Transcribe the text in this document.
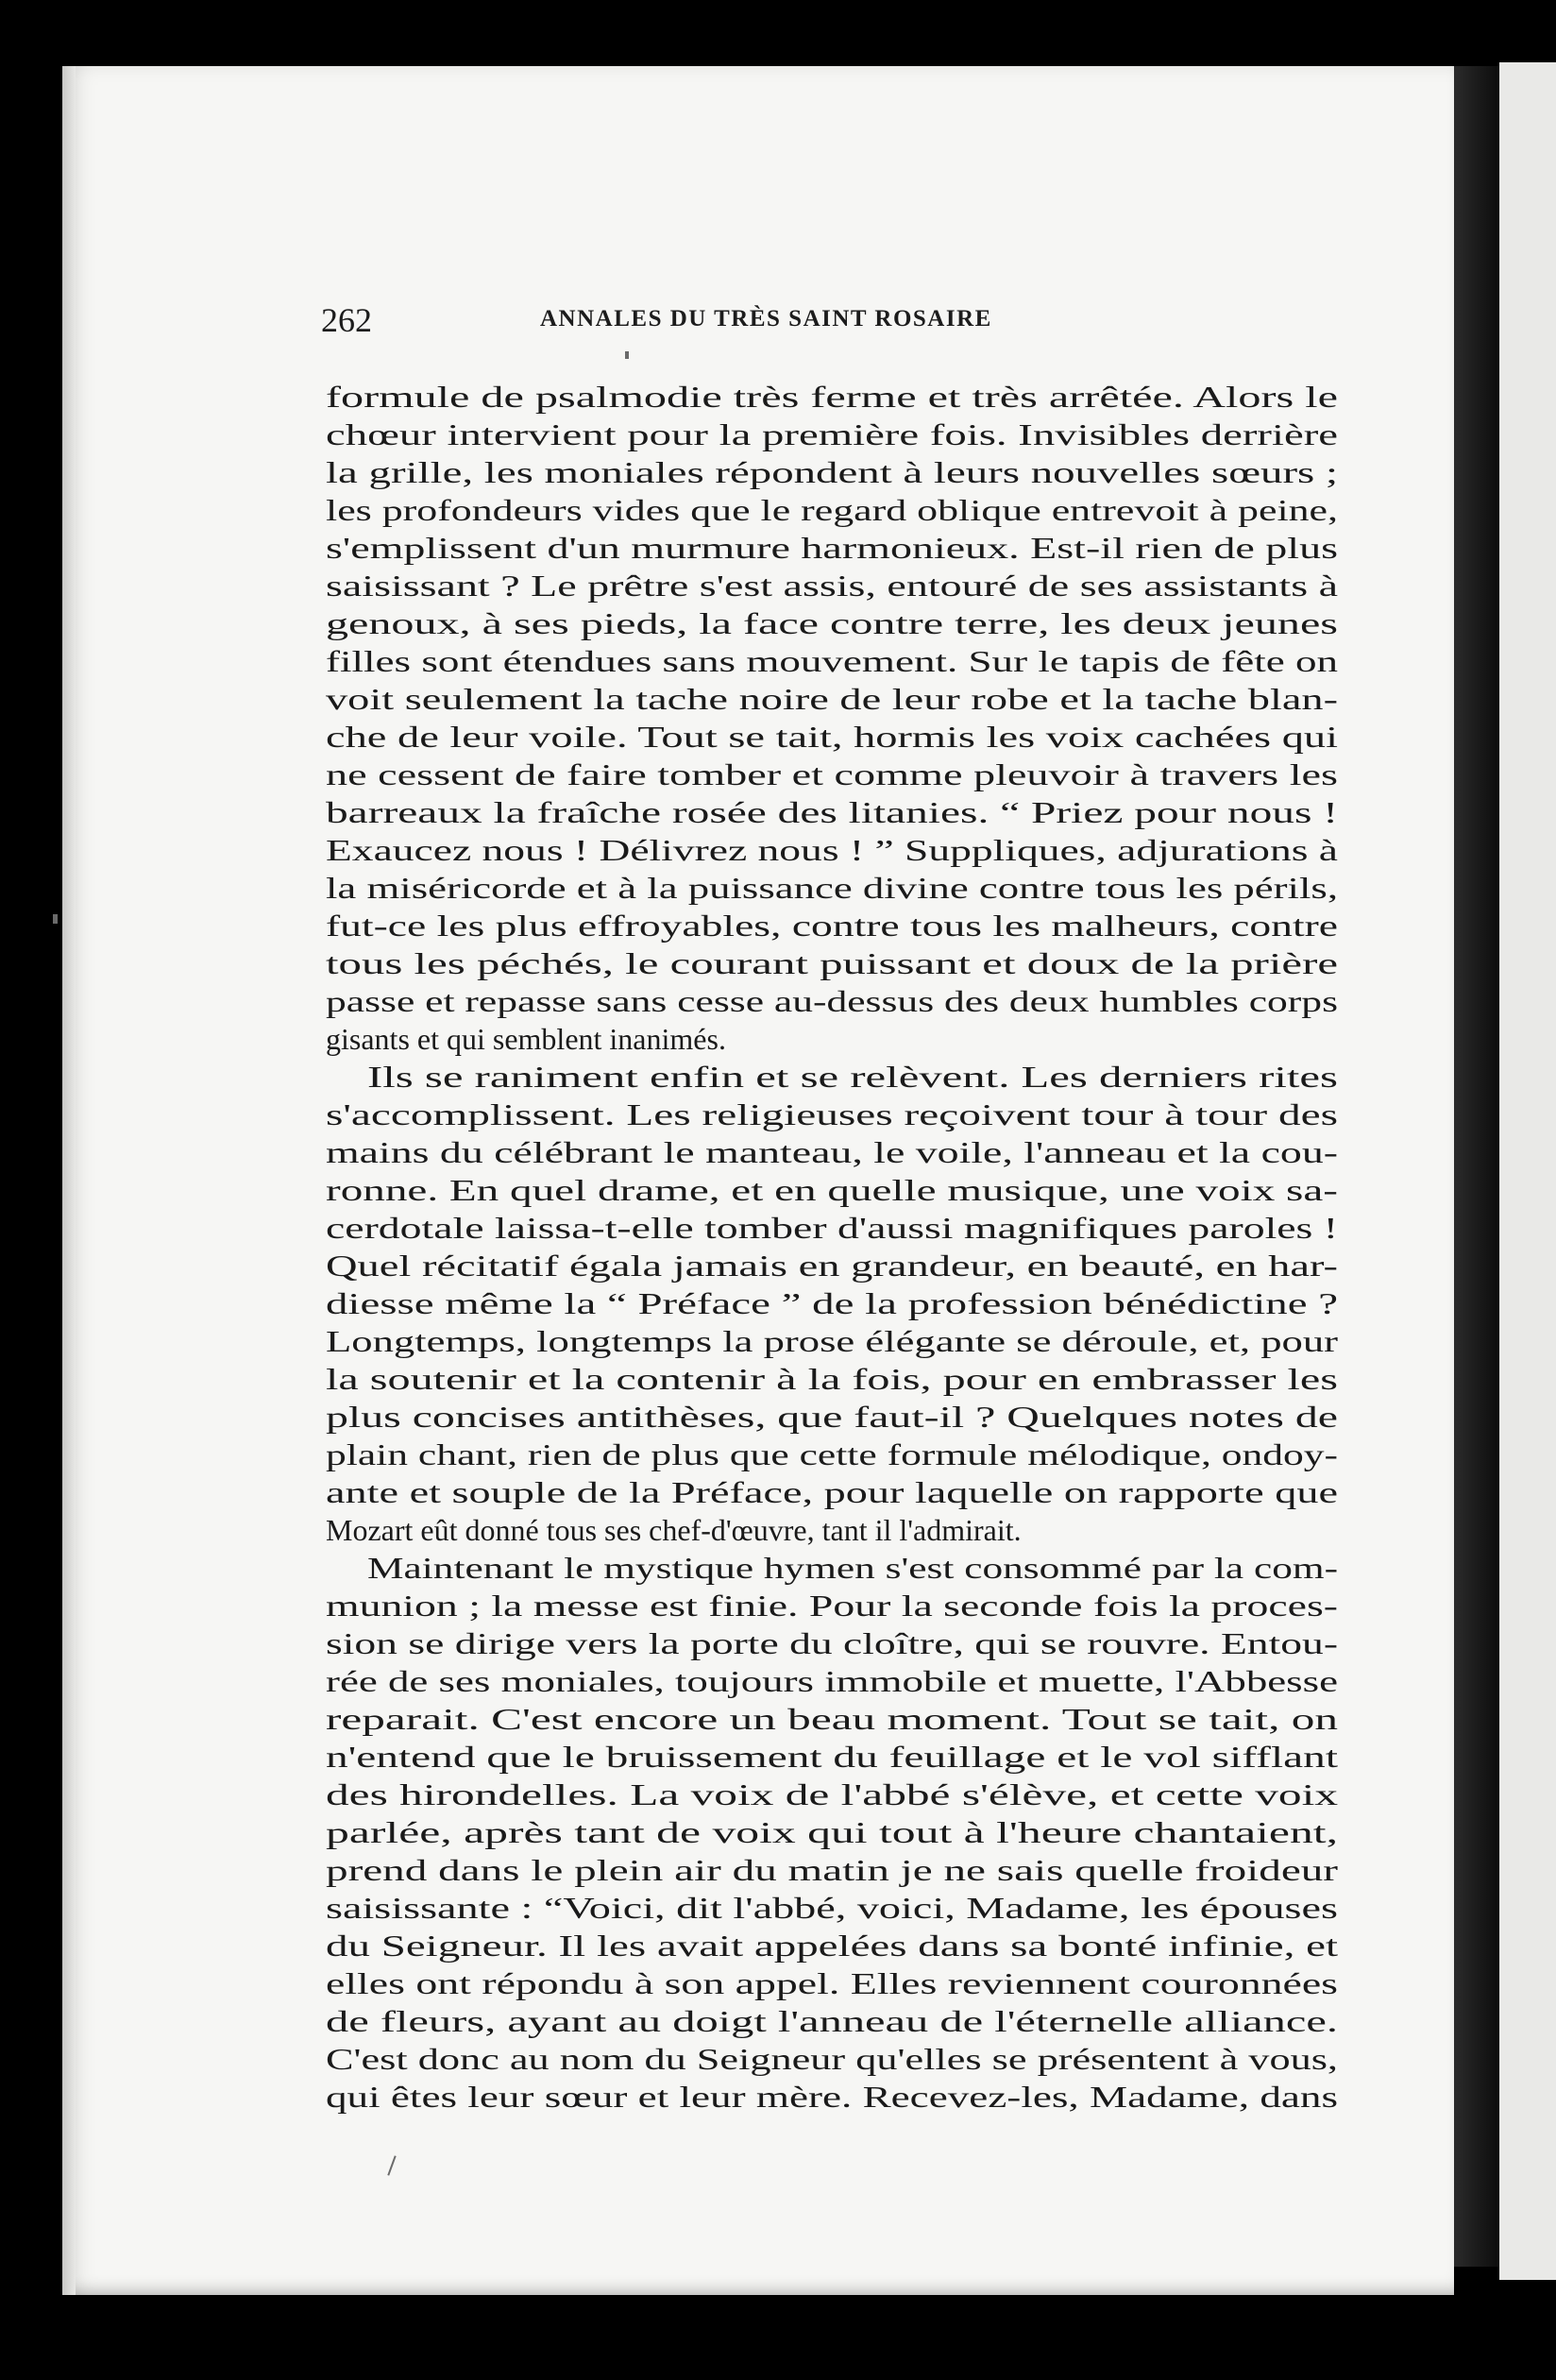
262	ANNALES DU TRÈS SAINT ROSAIRE
formule de psalmodie très ferme et très arrêtée. Alors le
chœur intervient pour la première fois. Invisibles derrière
la grille, les moniales répondent à leurs nouvelles sœurs ;
les profondeurs vides que le regard oblique entrevoit à peine,
s'emplissent d'un murmure harmonieux. Est-il rien de plus
saisissant ? Le prêtre s'est assis, entouré de ses assistants à
genoux, à ses pieds, la face contre terre, les deux jeunes
filles sont étendues sans mouvement. Sur le tapis de fête on
voit seulement la tache noire de leur robe et la tache blan-
che de leur voile. Tout se tait, hormis les voix cachées qui
ne cessent de faire tomber et comme pleuvoir à travers les
barreaux la fraîche rosée des litanies. “ Priez pour nous !
Exaucez nous ! Délivrez nous ! ” Suppliques, adjurations à
la miséricorde et à la puissance divine contre tous les périls,
fut-ce les plus effroyables, contre tous les malheurs, contre
tous les péchés, le courant puissant et doux de la prière
passe et repasse sans cesse au-dessus des deux humbles corps
gisants et qui semblent inanimés.
Ils se raniment enfin et se relèvent. Les derniers rites
s'accomplissent. Les religieuses reçoivent tour à tour des
mains du célébrant le manteau, le voile, l'anneau et la cou-
ronne. En quel drame, et en quelle musique, une voix sa-
cerdotale laissa-t-elle tomber d'aussi magnifiques paroles !
Quel récitatif égala jamais en grandeur, en beauté, en har-
diesse même la “ Préface ” de la profession bénédictine ?
Longtemps, longtemps la prose élégante se déroule, et, pour
la soutenir et la contenir à la fois, pour en embrasser les
plus concises antithèses, que faut-il ? Quelques notes de
plain chant, rien de plus que cette formule mélodique, ondoy-
ante et souple de la Préface, pour laquelle on rapporte que
Mozart eût donné tous ses chef-d'œuvre, tant il l'admirait.
Maintenant le mystique hymen s'est consommé par la com-
munion ; la messe est finie. Pour la seconde fois la proces-
sion se dirige vers la porte du cloître, qui se rouvre. Entou-
rée de ses moniales, toujours immobile et muette, l'Abbesse
reparait. C'est encore un beau moment. Tout se tait, on
n'entend que le bruissement du feuillage et le vol sifflant
des hirondelles. La voix de l'abbé s'élève, et cette voix
parlée, après tant de voix qui tout à l'heure chantaient,
prend dans le plein air du matin je ne sais quelle froideur
saisissante : “Voici, dit l'abbé, voici, Madame, les épouses
du Seigneur. Il les avait appelées dans sa bonté infinie, et
elles ont répondu à son appel. Elles reviennent couronnées
de fleurs, ayant au doigt l'anneau de l'éternelle alliance.
C'est donc au nom du Seigneur qu'elles se présentent à vous,
qui êtes leur sœur et leur mère. Recevez-les, Madame, dans
